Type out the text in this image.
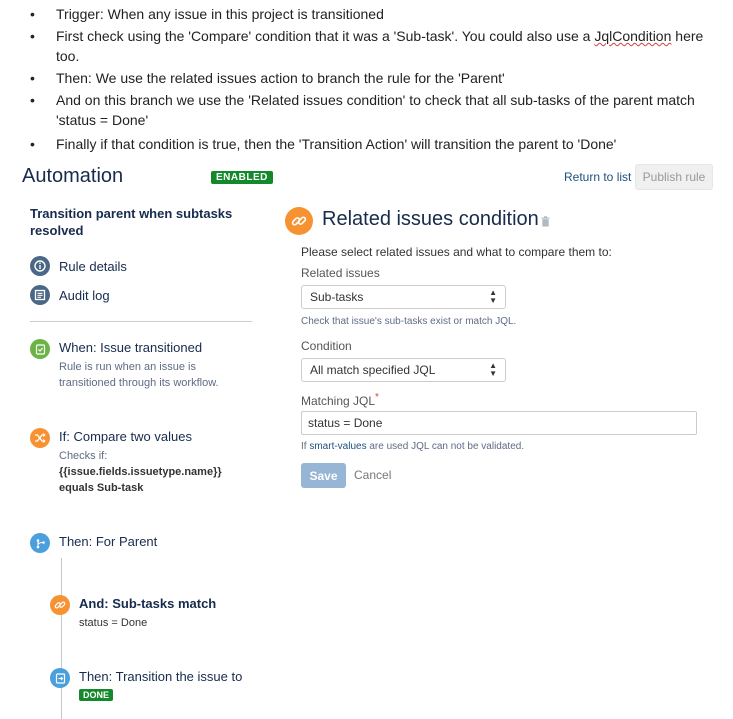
• Trigger: When any issue in this project is transitioned
• First check using the 'Compare' condition that it was a 'Sub-task'. You could also use a JqlCondition here too.
• Then: We use the related issues action to branch the rule for the 'Parent'
• And on this branch we use the 'Related issues condition' to check that all sub-tasks of the parent match 'status = Done'
• Finally if that condition is true, then the 'Transition Action' will transition the parent to 'Done'
Automation	ENABLED	Return to list Publish rule
Transition parent when subtasks resolved
Rule details
Audit log
When: Issue transitioned
Rule is run when an issue is
transitioned through its workflow.
If: Compare two values
Checks if:
{{issue.fields.issuetype.name}}
equals Sub-task
Then: For Parent
And: Sub-tasks match
status = Done
Then: Transition the issue to
DONE
Related issues condition
Please select related issues and what to compare them to:
Related issues
Sub-tasks	▲
▼
Check that issue's sub-tasks exist or match JQL.
Condition
All match specified JQL	▲
▼
Matching JQL*
status = Done
If smart-values are used JQL can not be validated.
Save	Cancel
